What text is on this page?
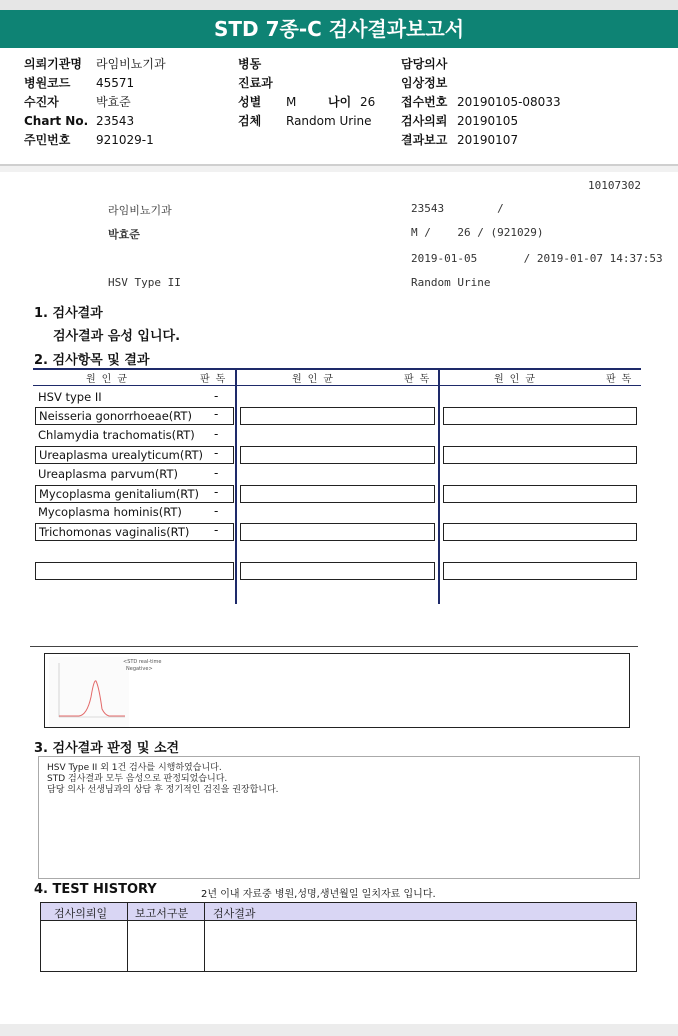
STD 7종-C 검사결과보고서
의뢰기관명 라임비뇨기과
병원코드 45571
수진자	박효준
Chart No. 23543
주민번호 921029-1
병동
진료과
성별 M	나이 26
검체 Random Urine
담당의사
임상정보
접수번호 20190105-08033
검사의뢰 20190105
결과보고 20190107
10107302
라임비뇨기과	23543        /
박효준	M /    26 / (921029)
2019-01-05       / 2019-01-07 14:37:53
HSV Type II	Random Urine
1. 검사결과
검사결과 음성 입니다.
2. 검사항목 및 결과
원 인 균	판 독	원 인 균	판 독	원 인 균	판 독
HSV type II	-
Neisseria gonorrhoeae(RT)	-
Chlamydia trachomatis(RT)	-
Ureaplasma urealyticum(RT) -
Ureaplasma parvum(RT)	-
Mycoplasma genitalium(RT)	-
Mycoplasma hominis(RT)	-
Trichomonas vaginalis(RT)	-
<STD real-time
Negative>
3. 검사결과 판정 및 소견
HSV Type II 외 1건 검사를 시행하였습니다.
STD 검사결과 모두 음성으로 판정되었습니다.
담당 의사 선생님과의 상담 후 정기적인 검진을 권장합니다.
4. TEST HISTORY	2년 이내 자료중 병원,성명,생년월일 일치자료 입니다.
검사의뢰일	보고서구분 검사결과
